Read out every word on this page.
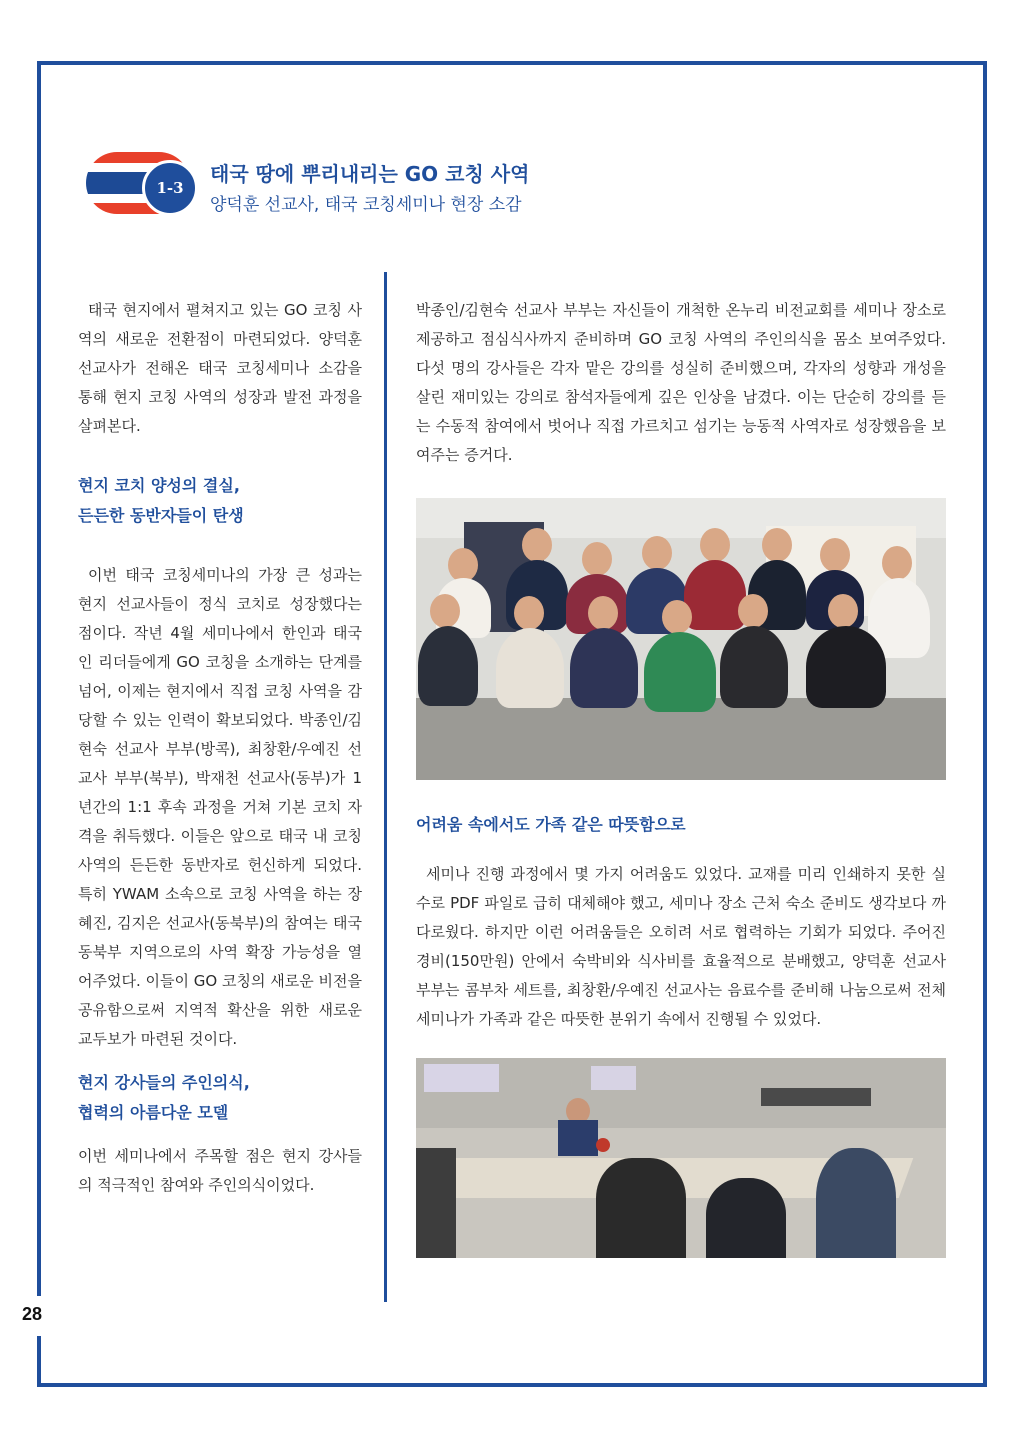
28
1-3
태국 땅에 뿌리내리는 GO 코칭 사역
양덕훈 선교사, 태국 코칭세미나 현장 소감

태국 현지에서 펼쳐지고 있는 GO 코칭 사역의 새로운 전환점이 마련되었다. 양덕훈 선교사가 전해온 태국 코칭세미나 소감을 통해 현지 코칭 사역의 성장과 발전 과정을 살펴본다.

현지 코치 양성의 결실,
든든한 동반자들이 탄생

이번 태국 코칭세미나의 가장 큰 성과는 현지 선교사들이 정식 코치로 성장했다는 점이다. 작년 4월 세미나에서 한인과 태국인 리더들에게 GO 코칭을 소개하는 단계를 넘어, 이제는 현지에서 직접 코칭 사역을 감당할 수 있는 인력이 확보되었다. 박종인/김현숙 선교사 부부(방콕), 최창환/우예진 선교사 부부(북부), 박재천 선교사(동부)가 1년간의 1:1 후속 과정을 거쳐 기본 코치 자격을 취득했다. 이들은 앞으로 태국 내 코칭 사역의 든든한 동반자로 헌신하게 되었다. 특히 YWAM 소속으로 코칭 사역을 하는 장혜진, 김지은 선교사(동북부)의 참여는 태국 동북부 지역으로의 사역 확장 가능성을 열어주었다. 이들이 GO 코칭의 새로운 비전을 공유함으로써 지역적 확산을 위한 새로운 교두보가 마련된 것이다.

현지 강사들의 주인의식,
협력의 아름다운 모델

이번 세미나에서 주목할 점은 현지 강사들의 적극적인 참여와 주인의식이었다.

박종인/김현숙 선교사 부부는 자신들이 개척한 온누리 비전교회를 세미나 장소로 제공하고 점심식사까지 준비하며 GO 코칭 사역의 주인의식을 몸소 보여주었다. 다섯 명의 강사들은 각자 맡은 강의를 성실히 준비했으며, 각자의 성향과 개성을 살린 재미있는 강의로 참석자들에게 깊은 인상을 남겼다. 이는 단순히 강의를 듣는 수동적 참여에서 벗어나 직접 가르치고 섬기는 능동적 사역자로 성장했음을 보여주는 증거다.

어려움 속에서도 가족 같은 따뜻함으로

세미나 진행 과정에서 몇 가지 어려움도 있었다. 교재를 미리 인쇄하지 못한 실수로 PDF 파일로 급히 대체해야 했고, 세미나 장소 근처 숙소 준비도 생각보다 까다로웠다. 하지만 이런 어려움들은 오히려 서로 협력하는 기회가 되었다. 주어진 경비(150만원) 안에서 숙박비와 식사비를 효율적으로 분배했고, 양덕훈 선교사 부부는 콤부차 세트를, 최창환/우예진 선교사는 음료수를 준비해 나눔으로써 전체 세미나가 가족과 같은 따뜻한 분위기 속에서 진행될 수 있었다.
